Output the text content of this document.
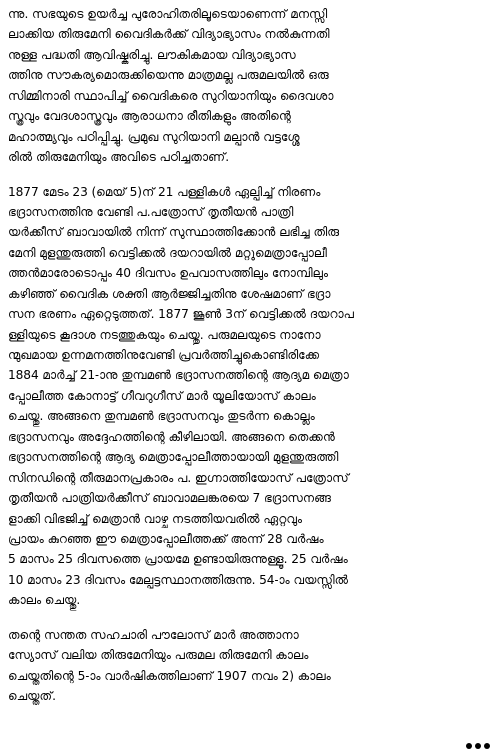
ന്നു. സഭയുടെ ഉയർച്ച പുരോഹിതരിലൂടെയാണെന്ന് മനസ്സി
ലാക്കിയ തിരുമേനി വൈദികർക്ക് വിദ്യാഭ്യാസം നൽകുന്നതി
നുള്ള പദ്ധതി ആവിഷ്കരിച്ചു. ലൗകികമായ വിദ്യാഭ്യാസ
ത്തിനു സൗകര്യമൊരുക്കിയെന്നു മാത്രമല്ല പരുമലയിൽ ഒരു
സിമ്മിനാരി സ്ഥാപിച്ച് വൈദികരെ സുറിയാനിയും ദൈവശാ
സ്ത്രവും വേദശാസ്ത്രവും ആരാധനാ രീതികളും അതിന്റെ
മഹാത്മ്യവും പഠിപ്പിച്ചു. പ്രമുഖ സുറിയാനി മല്പാൻ വട്ടശ്ശേ
രിൽ തിരുമേനിയും അവിടെ പഠിച്ചതാണ്.
1877 മേടം 23 (മെയ് 5)ന് 21 പള്ളികൾ ഏല്പിച്ച് നിരണം
ഭദ്രാസനത്തിനു വേണ്ടി പ.പത്രോസ് തൃതീയൻ പാത്രി
യർക്കീസ് ബാവായിൽ നിന്ന് സുസ്ഥാത്തിക്കോൻ ലഭിച്ച തിരു
മേനി മുളന്തുരുത്തി വെട്ടിക്കൽ ദയറായിൽ മറ്റുമെത്രാപ്പോലീ
ത്തൻമാരോടൊപ്പം 40 ദിവസം ഉപവാസത്തിലും നോമ്പിലും
കഴിഞ്ഞ് വൈദിക ശക്തി ആർജ്ജിച്ചതിനു ശേഷമാണ് ഭദ്രാ
സന ഭരണം ഏറ്റെടുത്തത്. 1877 ജൂൺ 3ന് വെട്ടിക്കൽ ദയറാപ
ള്ളിയുടെ കൂദാശ നടത്തുകയും ചെയ്തു. പരുമലയുടെ നാനോ
ന്മുഖമായ ഉന്നമനത്തിനുവേണ്ടി പ്രവർത്തിച്ചുകൊണ്ടിരിക്കേ
1884 മാർച്ച് 21-ാനു തുമ്പമൺ ഭദ്രാസനത്തിന്റെ ആദ്യമ മെത്രാ
പ്പോലീത്ത കോനാട്ട് ഗീവറുഗീസ് മാർ യൂലിയോസ് കാലം
ചെയ്തു. അങ്ങനെ തുമ്പമൺ ഭദ്രാസനവും തുടർന്ന കൊല്ലം
ഭദ്രാസനവും അദ്ദേഹത്തിന്റെ കീഴിലായി. അങ്ങനെ തെക്കൻ
ഭദ്രാസനത്തിന്റെ ആദ്യ മെത്രാപ്പോലീത്തായായി മുളന്തുരുത്തി
സിനഡിന്റെ തീരുമാനപ്രകാരം പ. ഇഗ്നാത്തിയോസ് പത്രോസ്
തൃതീയൻ പാത്രിയർക്കീസ് ബാവാമലങ്കരയെ 7 ഭദ്രാസനങ്ങ
ളാക്കി വിഭജിച്ച് മെത്രാൻ വാഴ്ച നടത്തിയവരിൽ ഏറ്റവും
പ്രായം കുറഞ്ഞ ഈ മെത്രാപ്പോലീത്തക്ക് അന്ന് 28 വർഷം
5 മാസം 25 ദിവസത്തെ പ്രായമേ ഉണ്ടായിരുന്നുള്ളൂ. 25 വർഷം
10 മാസം 23 ദിവസം മേല്പട്ടസ്ഥാനത്തിരുന്നു. 54-ാം വയസ്സിൽ
കാലം ചെയ്തു.
തന്റെ സന്തത സഹചാരി പൗലോസ് മാർ അത്താനാ
സ്യോസ് വലിയ തിരുമേനിയും പരുമല തിരുമേനി കാലം
ചെയ്തതിന്റെ 5-ാം വാർഷികത്തിലാണ് 1907 നവം 2) കാലം
ചെയ്തത്.
